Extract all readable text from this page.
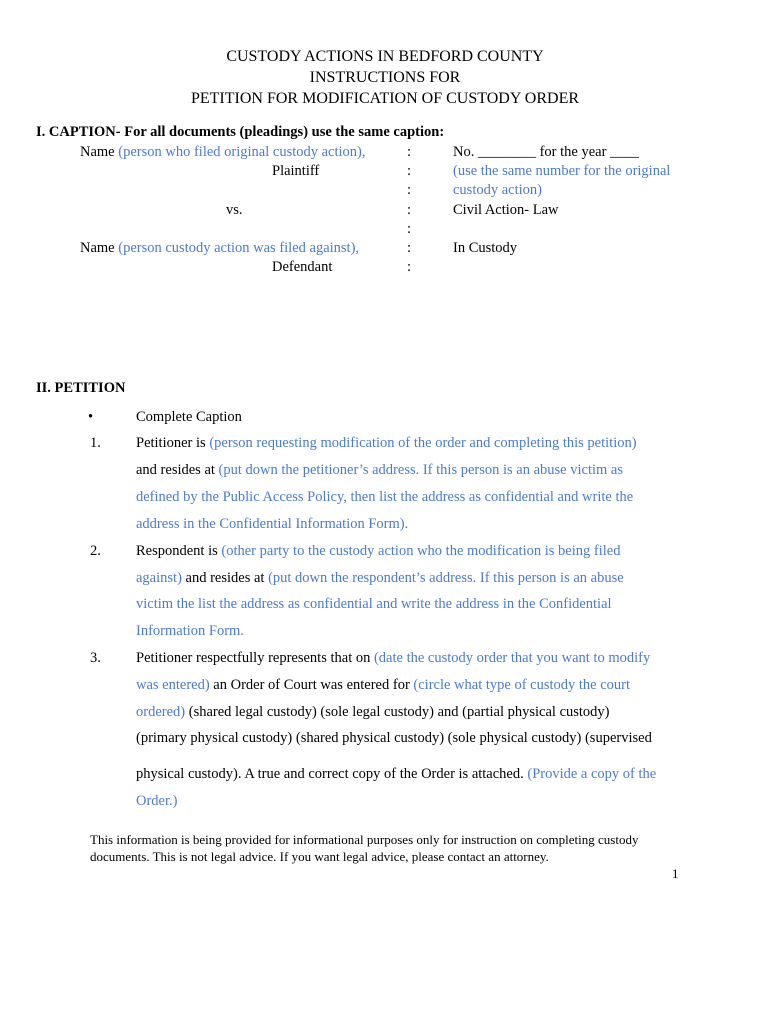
CUSTODY ACTIONS IN BEDFORD COUNTY
INSTRUCTIONS FOR
PETITION FOR MODIFICATION OF CUSTODY ORDER
I. CAPTION- For all documents (pleadings) use the same caption:
Name (person who filed original custody action),
Plaintiff
vs.
Name (person custody action was filed against),
Defendant
:
:
:
:
:
:
:
No. ________ for the year ____
(use the same number for the original
custody action)
Civil Action- Law
In Custody
II. PETITION
•	Complete Caption
1. Petitioner is (person requesting modification of the order and completing this petition)
and resides at (put down the petitioner’s address. If this person is an abuse victim as
defined by the Public Access Policy, then list the address as confidential and write the
address in the Confidential Information Form).
2. Respondent is (other party to the custody action who the modification is being filed
against) and resides at (put down the respondent’s address. If this person is an abuse
victim the list the address as confidential and write the address in the Confidential
Information Form.
3. Petitioner respectfully represents that on (date the custody order that you want to modify
was entered) an Order of Court was entered for (circle what type of custody the court
ordered) (shared legal custody) (sole legal custody) and (partial physical custody)
(primary physical custody) (shared physical custody) (sole physical custody) (supervised
physical custody). A true and correct copy of the Order is attached. (Provide a copy of the
Order.)
This information is being provided for informational purposes only for instruction on completing custody
documents. This is not legal advice. If you want legal advice, please contact an attorney.
1
